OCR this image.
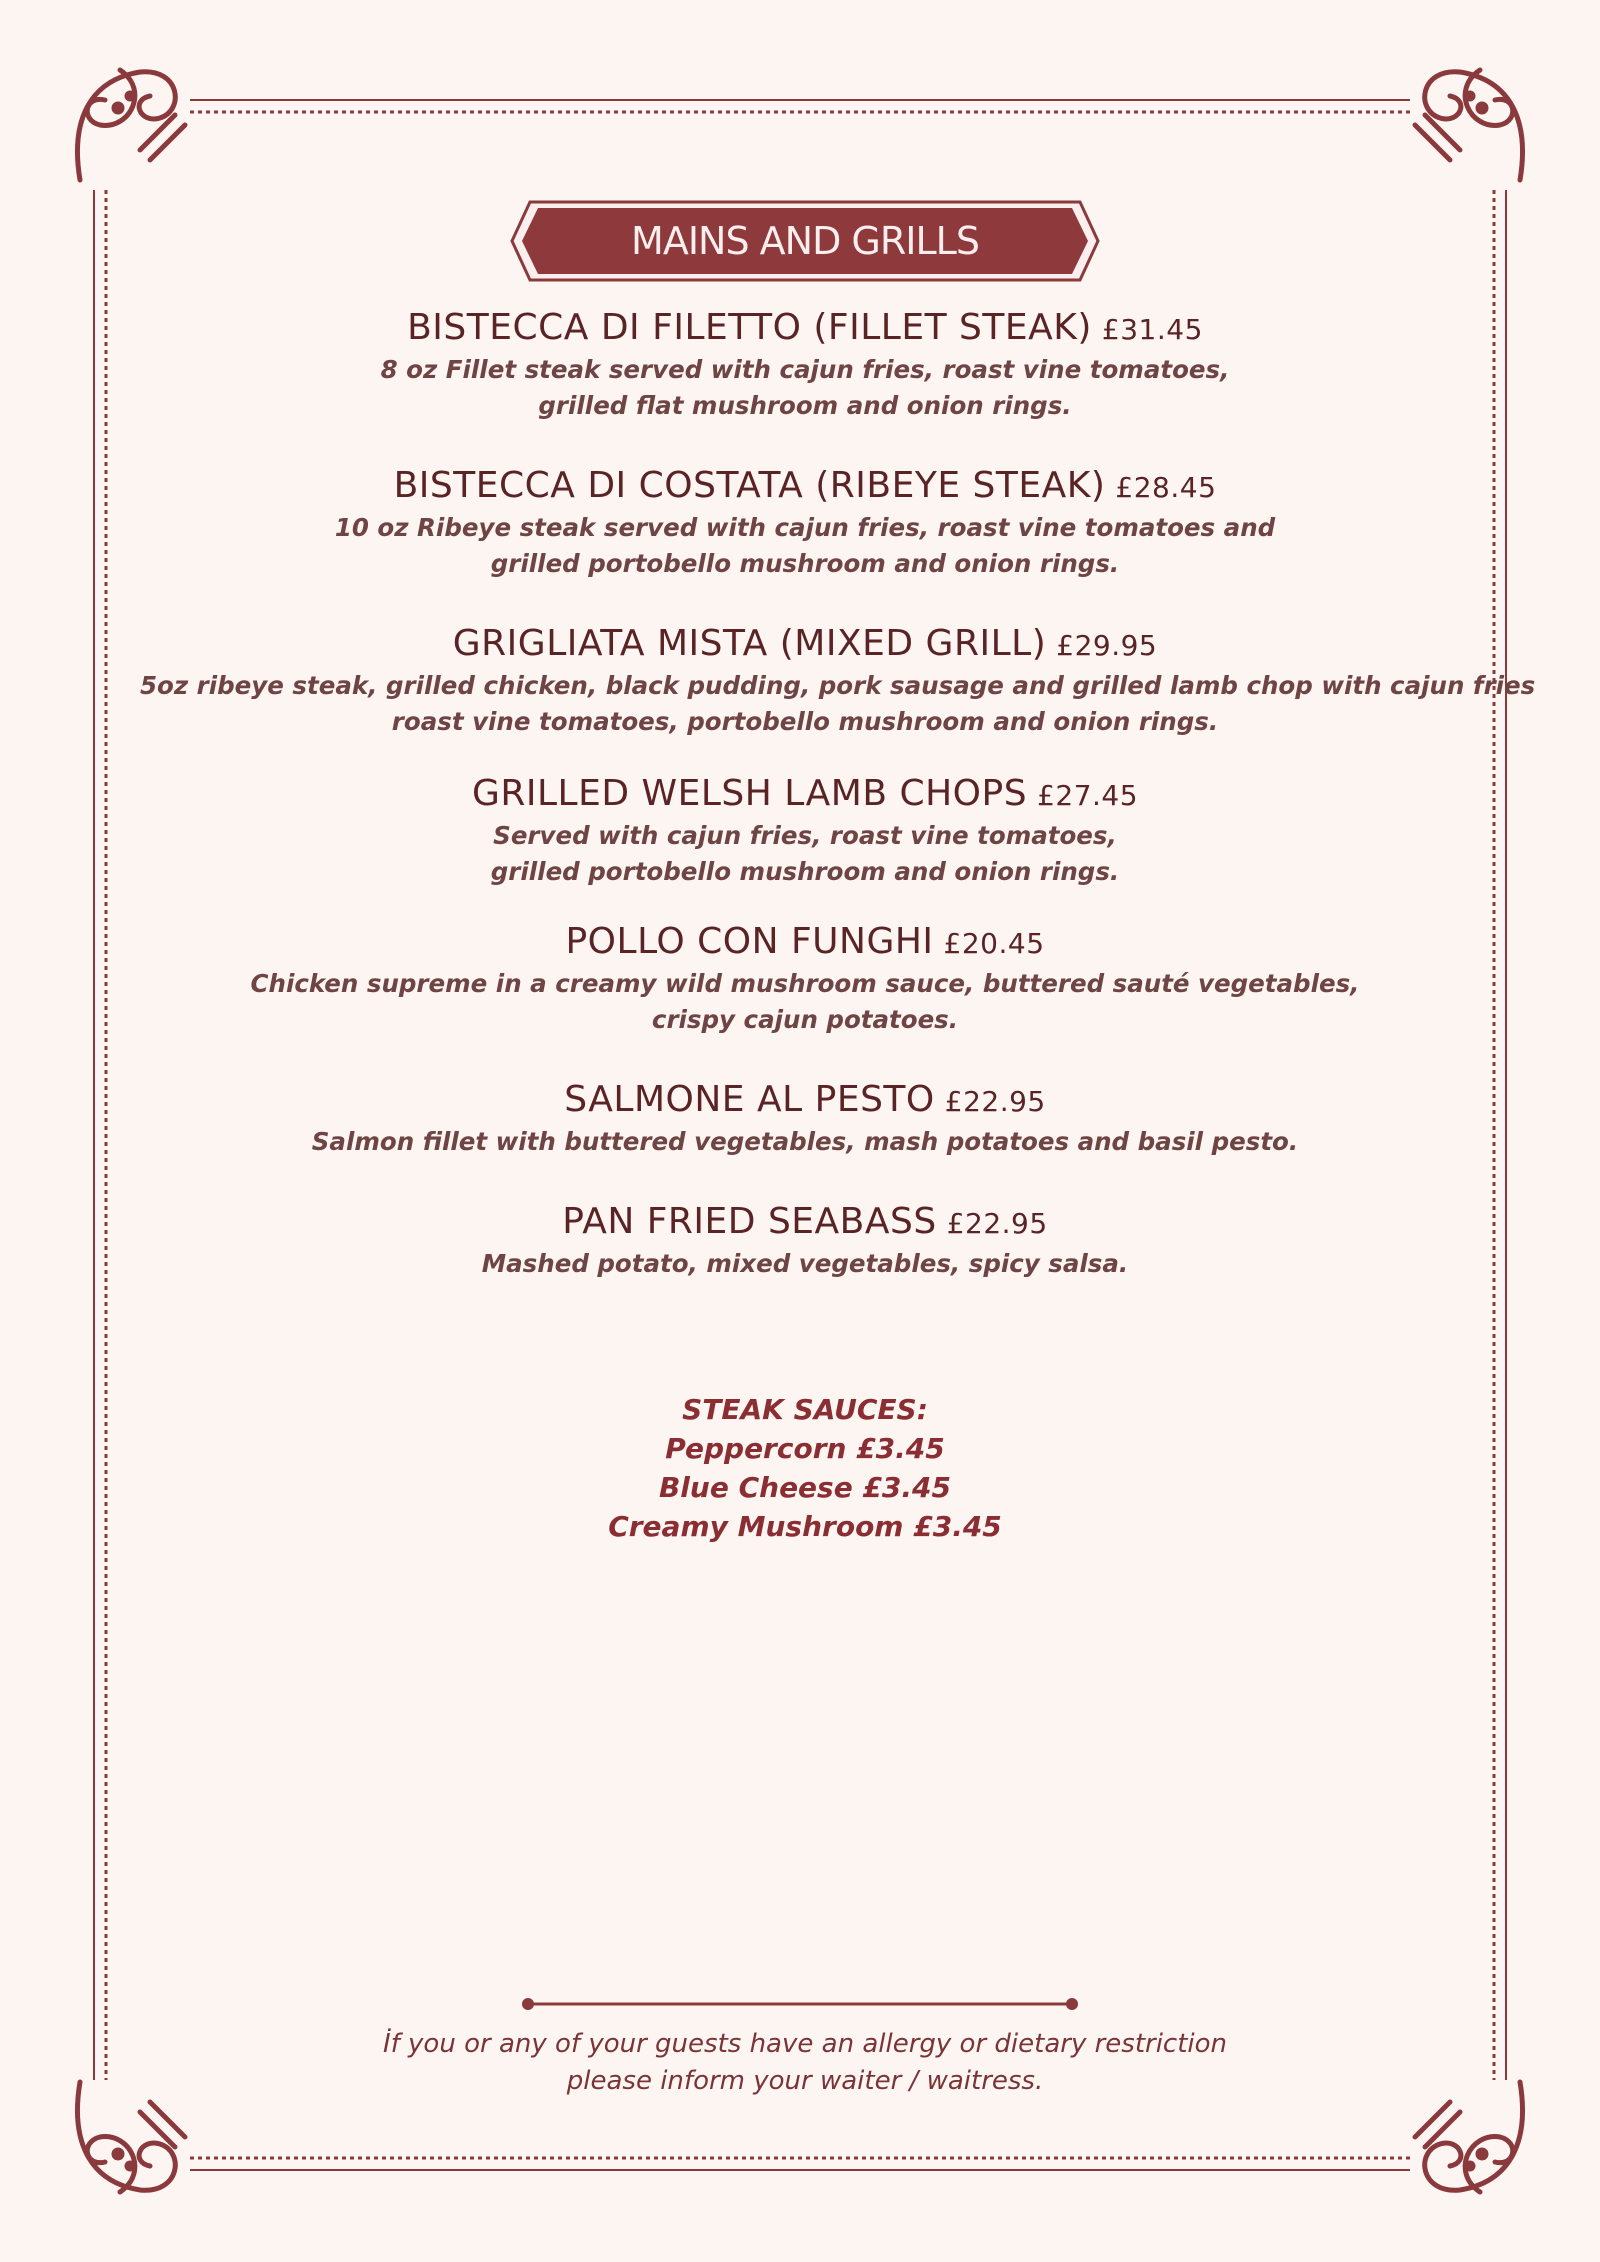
MAINS AND GRILLS
BISTECCA DI FILETTO (FILLET STEAK) £31.45
8 oz Fillet steak served with cajun fries, roast vine tomatoes,
grilled flat mushroom and onion rings.
BISTECCA DI COSTATA (RIBEYE STEAK) £28.45
10 oz Ribeye steak served with cajun fries, roast vine tomatoes and
grilled portobello mushroom and onion rings.
GRIGLIATA MISTA (MIXED GRILL) £29.95
5oz ribeye steak, grilled chicken, black pudding, pork sausage and grilled lamb chop with cajun fries
roast vine tomatoes, portobello mushroom and onion rings.
GRILLED WELSH LAMB CHOPS £27.45
Served with cajun fries, roast vine tomatoes,
grilled portobello mushroom and onion rings.
POLLO CON FUNGHI £20.45
Chicken supreme in a creamy wild mushroom sauce, buttered sauté vegetables,
crispy cajun potatoes.
SALMONE AL PESTO £22.95
Salmon fillet with buttered vegetables, mash potatoes and basil pesto.
PAN FRIED SEABASS £22.95
Mashed potato, mixed vegetables, spicy salsa.
STEAK SAUCES:
Peppercorn £3.45
Blue Cheese £3.45
Creamy Mushroom £3.45
İf you or any of your guests have an allergy or dietary restriction
please inform your waiter / waitress.
